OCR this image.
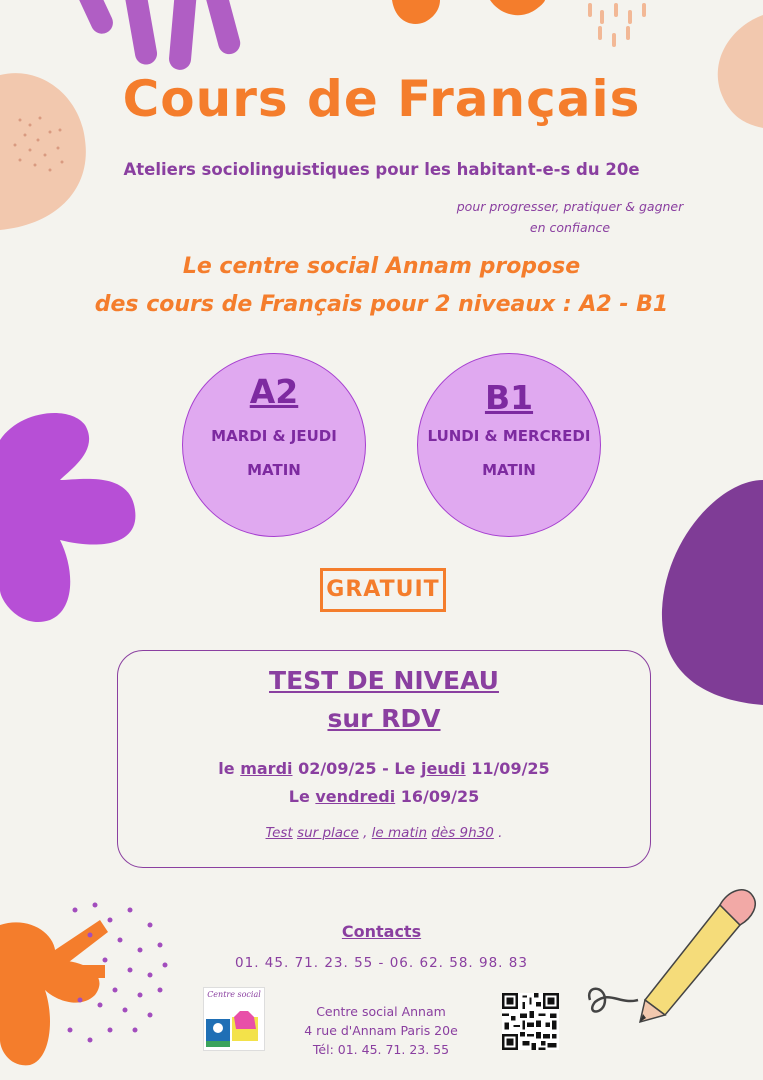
Cours de Français
Ateliers sociolinguistiques pour les habitant-e-s du 20e
pour progresser, pratiquer & gagner
en confiance
Le centre social Annam propose
des cours de Français pour 2 niveaux : A2 - B1
A2
MARDI & JEUDI
MATIN
B1
LUNDI & MERCREDI
MATIN
GRATUIT
TEST DE NIVEAU
sur RDV
le mardi 02/09/25 - Le jeudi 11/09/25
Le vendredi 16/09/25
Test sur place , le matin dès 9h30 .
Contacts
01. 45. 71. 23. 55 - 06. 62. 58. 98. 83
Centre social
Centre social Annam
4 rue d'Annam Paris 20e
Tél: 01. 45. 71. 23. 55
